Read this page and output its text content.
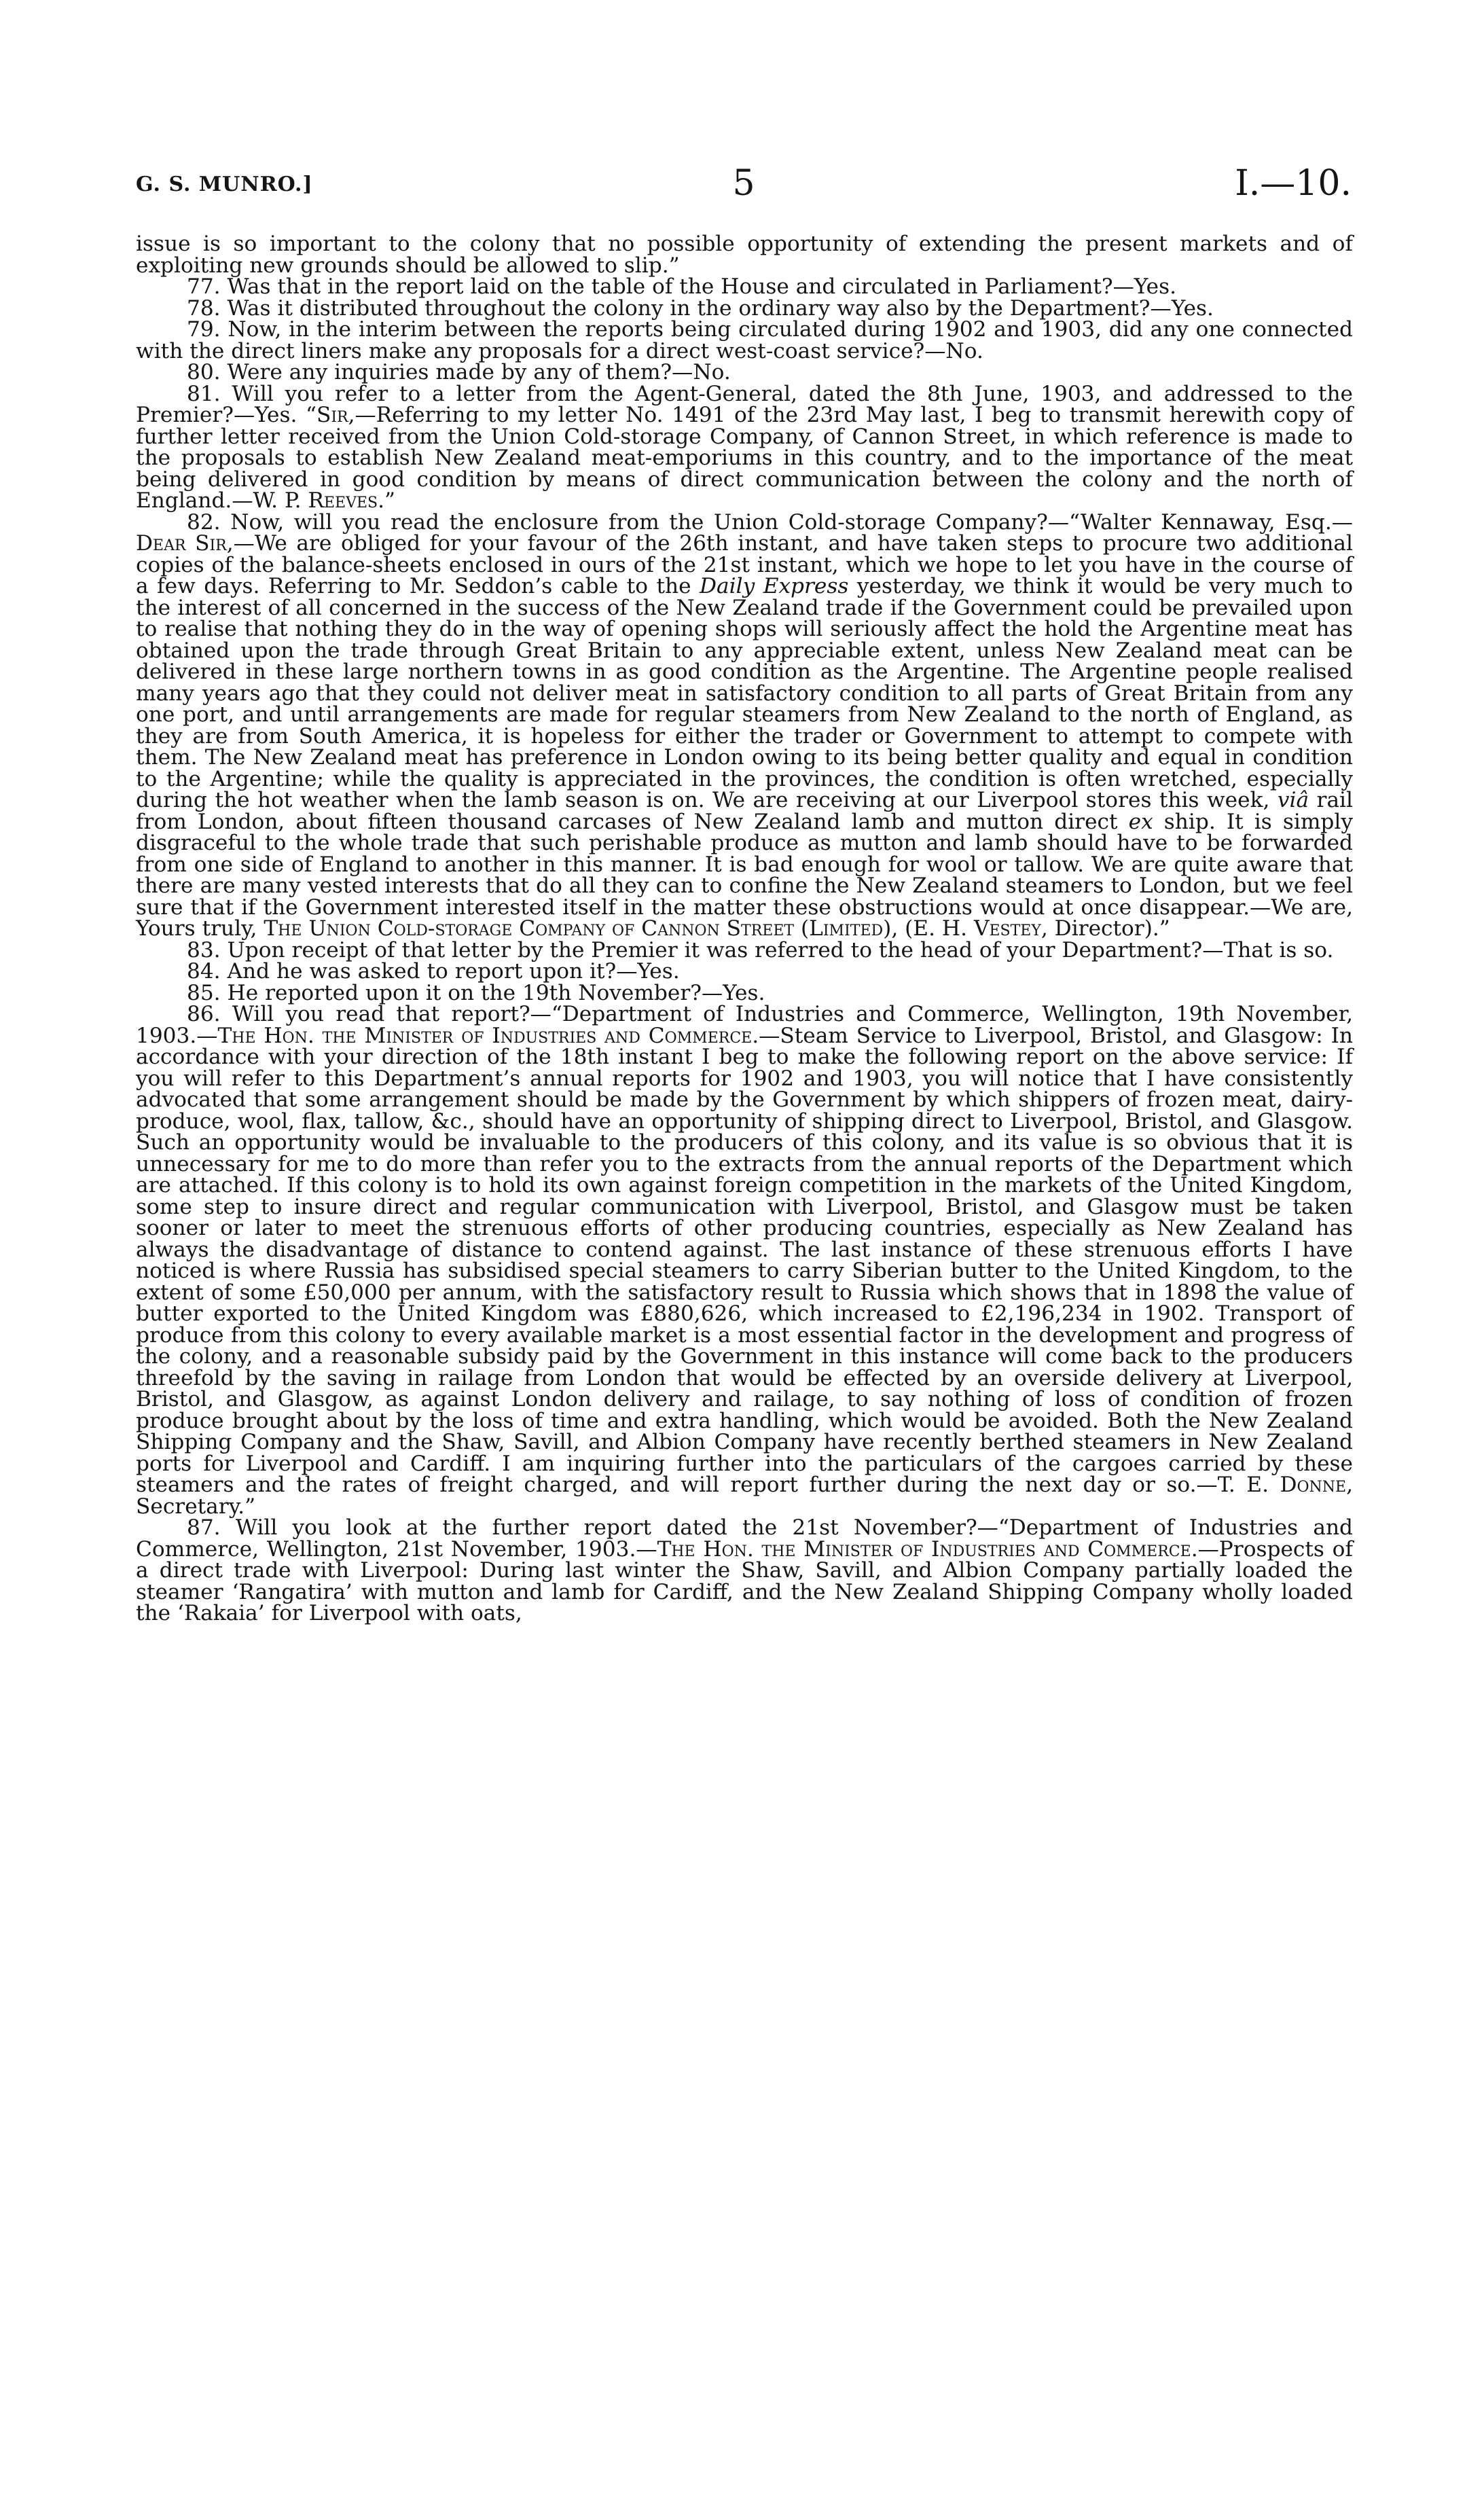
G. S. MUNRO.]	5	I.—10.

issue is so important to the colony that no possible opportunity of extending the present markets and of exploiting new grounds should be allowed to slip.”

77. Was that in the report laid on the table of the House and circulated in Parliament?—Yes.

78. Was it distributed throughout the colony in the ordinary way also by the Department?—Yes.

79. Now, in the interim between the reports being circulated during 1902 and 1903, did any one connected with the direct liners make any proposals for a direct west-coast service?—No.

80. Were any inquiries made by any of them?—No.

81. Will you refer to a letter from the Agent-General, dated the 8th June, 1903, and addressed to the Premier?—Yes. “Sir,—Referring to my letter No. 1491 of the 23rd May last, I beg to transmit herewith copy of further letter received from the Union Cold-storage Company, of Cannon Street, in which reference is made to the proposals to establish New Zealand meat-emporiums in this country, and to the importance of the meat being delivered in good condition by means of direct communication between the colony and the north of England.—W. P. Reeves.”

82. Now, will you read the enclosure from the Union Cold-storage Company?—“Walter Kennaway, Esq.—Dear Sir,—We are obliged for your favour of the 26th instant, and have taken steps to procure two additional copies of the balance-sheets enclosed in ours of the 21st instant, which we hope to let you have in the course of a few days. Referring to Mr. Seddon’s cable to the Daily Express yesterday, we think it would be very much to the interest of all concerned in the success of the New Zealand trade if the Government could be prevailed upon to realise that nothing they do in the way of opening shops will seriously affect the hold the Argentine meat has obtained upon the trade through Great Britain to any appreciable extent, unless New Zealand meat can be delivered in these large northern towns in as good condition as the Argentine. The Argentine people realised many years ago that they could not deliver meat in satisfactory condition to all parts of Great Britain from any one port, and until arrangements are made for regular steamers from New Zealand to the north of England, as they are from South America, it is hopeless for either the trader or Government to attempt to compete with them. The New Zealand meat has preference in London owing to its being better quality and equal in condition to the Argentine; while the quality is appreciated in the provinces, the condition is often wretched, especially during the hot weather when the lamb season is on. We are receiving at our Liverpool stores this week, viâ rail from London, about fifteen thousand carcases of New Zealand lamb and mutton direct ex ship. It is simply disgraceful to the whole trade that such perishable produce as mutton and lamb should have to be forwarded from one side of England to another in this manner. It is bad enough for wool or tallow. We are quite aware that there are many vested interests that do all they can to confine the New Zealand steamers to London, but we feel sure that if the Government interested itself in the matter these obstructions would at once disappear.—We are, Yours truly, The Union Cold-storage Company of Cannon Street (Limited), (E. H. Vestey, Director).”

83. Upon receipt of that letter by the Premier it was referred to the head of your Department?—That is so.

84. And he was asked to report upon it?—Yes.

85. He reported upon it on the 19th November?—Yes.

86. Will you read that report?—“Department of Industries and Commerce, Wellington, 19th November, 1903.—The Hon. the Minister of Industries and Commerce.—Steam Service to Liverpool, Bristol, and Glasgow: In accordance with your direction of the 18th instant I beg to make the following report on the above service: If you will refer to this Department’s annual reports for 1902 and 1903, you will notice that I have consistently advocated that some arrangement should be made by the Government by which shippers of frozen meat, dairy-produce, wool, flax, tallow, &c., should have an opportunity of shipping direct to Liverpool, Bristol, and Glasgow. Such an opportunity would be invaluable to the producers of this colony, and its value is so obvious that it is unnecessary for me to do more than refer you to the extracts from the annual reports of the Department which are attached. If this colony is to hold its own against foreign competition in the markets of the United Kingdom, some step to insure direct and regular communication with Liverpool, Bristol, and Glasgow must be taken sooner or later to meet the strenuous efforts of other producing countries, especially as New Zealand has always the disadvantage of distance to contend against. The last instance of these strenuous efforts I have noticed is where Russia has subsidised special steamers to carry Siberian butter to the United Kingdom, to the extent of some £50,000 per annum, with the satisfactory result to Russia which shows that in 1898 the value of butter exported to the United Kingdom was £880,626, which increased to £2,196,234 in 1902. Transport of produce from this colony to every available market is a most essential factor in the development and progress of the colony, and a reasonable subsidy paid by the Government in this instance will come back to the producers threefold by the saving in railage from London that would be effected by an overside delivery at Liverpool, Bristol, and Glasgow, as against London delivery and railage, to say nothing of loss of condition of frozen produce brought about by the loss of time and extra handling, which would be avoided. Both the New Zealand Shipping Company and the Shaw, Savill, and Albion Company have recently berthed steamers in New Zealand ports for Liverpool and Cardiff. I am inquiring further into the particulars of the cargoes carried by these steamers and the rates of freight charged, and will report further during the next day or so.—T. E. Donne, Secretary.”

87. Will you look at the further report dated the 21st November?—“Department of Industries and Commerce, Wellington, 21st November, 1903.—The Hon. the Minister of Industries and Commerce.—Prospects of a direct trade with Liverpool: During last winter the Shaw, Savill, and Albion Company partially loaded the steamer ‘Rangatira’ with mutton and lamb for Cardiff, and the New Zealand Shipping Company wholly loaded the ‘Rakaia’ for Liverpool with oats,
